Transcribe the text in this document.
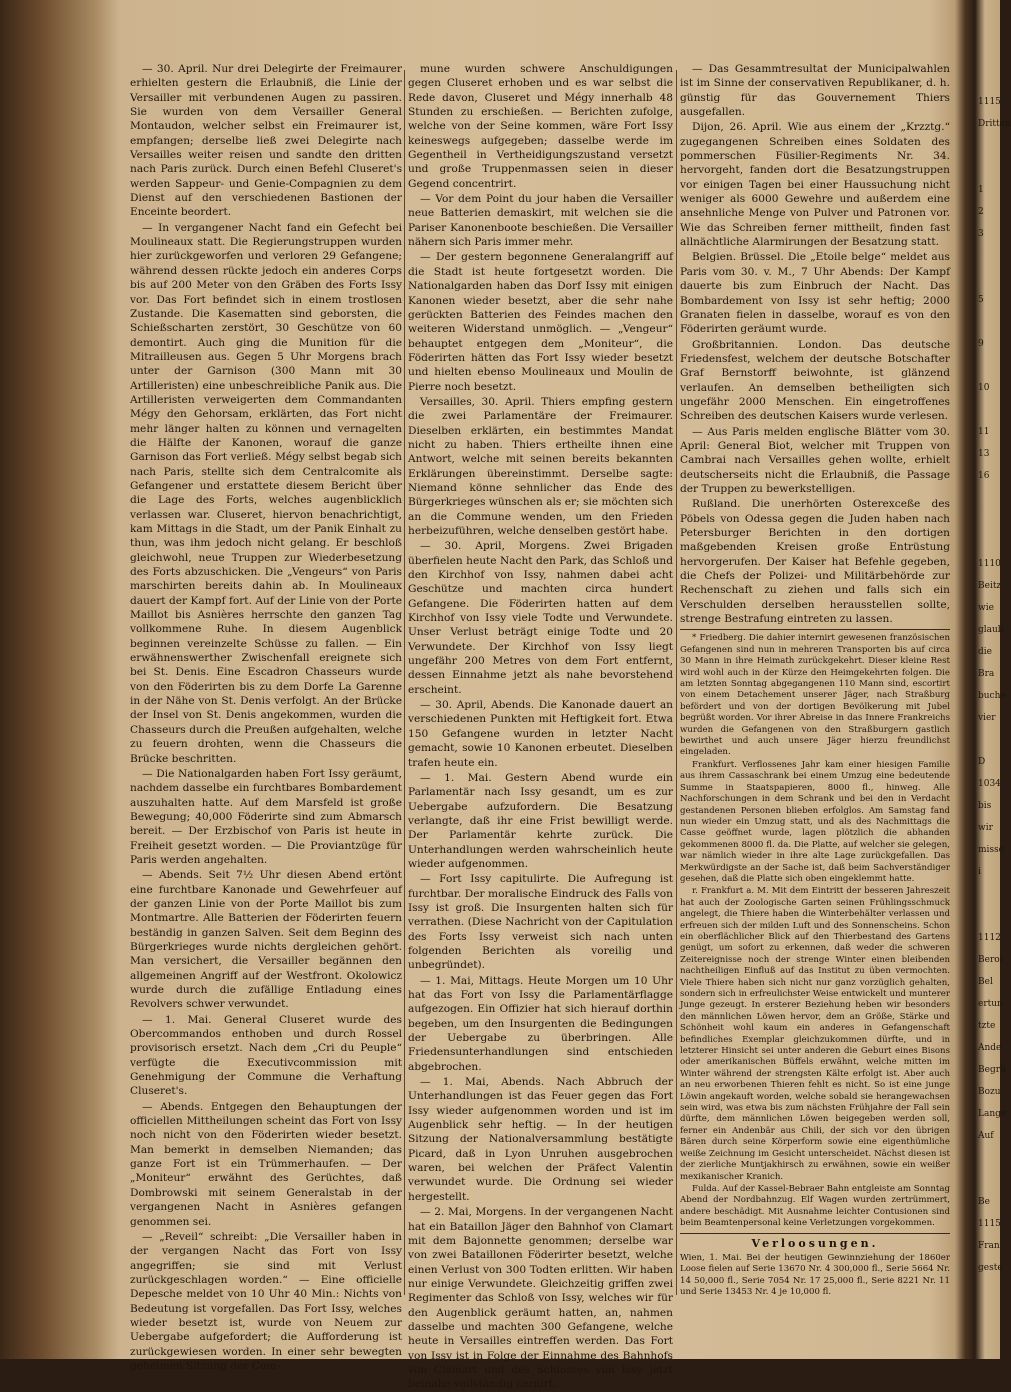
— 30. April. Nur drei Delegirte der Freimaurer erhielten gestern die Erlaubniß, die Linie der Versailler mit verbundenen Augen zu passiren. Sie wurden von dem Versailler General Montaudon, welcher selbst ein Freimaurer ist, empfangen; derselbe ließ zwei Delegirte nach Versailles weiter reisen und sandte den dritten nach Paris zurück. Durch einen Befehl Cluseret's werden Sappeur- und Genie-Compagnien zu dem Dienst auf den verschiedenen Bastionen der Enceinte beordert.

— In vergangener Nacht fand ein Gefecht bei Moulineaux statt. Die Regierungstruppen wurden hier zurückgeworfen und verloren 29 Gefangene; während dessen rückte jedoch ein anderes Corps bis auf 200 Meter von den Gräben des Forts Issy vor. Das Fort befindet sich in einem trostlosen Zustande. Die Kasematten sind geborsten, die Schießscharten zerstört, 30 Geschütze von 60 demontirt. Auch ging die Munition für die Mitrailleusen aus. Gegen 5 Uhr Morgens brach unter der Garnison (300 Mann mit 30 Artilleristen) eine unbeschreibliche Panik aus. Die Artilleristen verweigerten dem Commandanten Mégy den Gehorsam, erklärten, das Fort nicht mehr länger halten zu können und vernagelten die Hälfte der Kanonen, worauf die ganze Garnison das Fort verließ. Mégy selbst begab sich nach Paris, stellte sich dem Centralcomite als Gefangener und erstattete diesem Bericht über die Lage des Forts, welches augenblicklich verlassen war. Cluseret, hiervon benachrichtigt, kam Mittags in die Stadt, um der Panik Einhalt zu thun, was ihm jedoch nicht gelang. Er beschloß gleichwohl, neue Truppen zur Wiederbesetzung des Forts abzuschicken. Die „Vengeurs“ von Paris marschirten bereits dahin ab. In Moulineaux dauert der Kampf fort. Auf der Linie von der Porte Maillot bis Asnières herrschte den ganzen Tag vollkommene Ruhe. In diesem Augenblick beginnen vereinzelte Schüsse zu fallen. — Ein erwähnenswerther Zwischenfall ereignete sich bei St. Denis. Eine Escadron Chasseurs wurde von den Föderirten bis zu dem Dorfe La Garenne in der Nähe von St. Denis verfolgt. An der Brücke der Insel von St. Denis angekommen, wurden die Chasseurs durch die Preußen aufgehalten, welche zu feuern drohten, wenn die Chasseurs die Brücke beschritten.

— Die Nationalgarden haben Fort Issy geräumt, nachdem dasselbe ein furchtbares Bombardement auszuhalten hatte. Auf dem Marsfeld ist große Bewegung; 40,000 Föderirte sind zum Abmarsch bereit. — Der Erzbischof von Paris ist heute in Freiheit gesetzt worden. — Die Proviantzüge für Paris werden angehalten.

— Abends. Seit 7½ Uhr diesen Abend ertönt eine furchtbare Kanonade und Gewehrfeuer auf der ganzen Linie von der Porte Maillot bis zum Montmartre. Alle Batterien der Föderirten feuern beständig in ganzen Salven. Seit dem Beginn des Bürgerkrieges wurde nichts dergleichen gehört. Man versichert, die Versailler begännen den allgemeinen Angriff auf der Westfront. Okolowicz wurde durch die zufällige Entladung eines Revolvers schwer verwundet.

— 1. Mai. General Cluseret wurde des Obercommandos enthoben und durch Rossel provisorisch ersetzt. Nach dem „Cri du Peuple“ verfügte die Executivcommission mit Genehmigung der Commune die Verhaftung Cluseret's.

— Abends. Entgegen den Behauptungen der officiellen Mittheilungen scheint das Fort von Issy noch nicht von den Föderirten wieder besetzt. Man bemerkt in demselben Niemanden; das ganze Fort ist ein Trümmerhaufen. — Der „Moniteur“ erwähnt des Gerüchtes, daß Dombrowski mit seinem Generalstab in der vergangenen Nacht in Asnières gefangen genommen sei.

— „Reveil“ schreibt: „Die Versailler haben in der vergangen Nacht das Fort von Issy angegriffen; sie sind mit Verlust zurückgeschlagen worden.“ — Eine officielle Depesche meldet von 10 Uhr 40 Min.: Nichts von Bedeutung ist vorgefallen. Das Fort Issy, welches wieder besetzt ist, wurde von Neuem zur Uebergabe aufgefordert; die Aufforderung ist zurückgewiesen worden. In einer sehr bewegten geheimen Sitzung der Com-

mune wurden schwere Anschuldigungen gegen Cluseret erhoben und es war selbst die Rede davon, Cluseret und Mégy innerhalb 48 Stunden zu erschießen. — Berichten zufolge, welche von der Seine kommen, wäre Fort Issy keineswegs aufgegeben; dasselbe werde im Gegentheil in Vertheidigungszustand versetzt und große Truppenmassen seien in dieser Gegend concentrirt.

— Vor dem Point du jour haben die Versailler neue Batterien demaskirt, mit welchen sie die Pariser Kanonenboote beschießen. Die Versailler nähern sich Paris immer mehr.

— Der gestern begonnene Generalangriff auf die Stadt ist heute fortgesetzt worden. Die Nationalgarden haben das Dorf Issy mit einigen Kanonen wieder besetzt, aber die sehr nahe gerückten Batterien des Feindes machen den weiteren Widerstand unmöglich. — „Vengeur“ behauptet entgegen dem „Moniteur“, die Föderirten hätten das Fort Issy wieder besetzt und hielten ebenso Moulineaux und Moulin de Pierre noch besetzt.

Versailles, 30. April. Thiers empfing gestern die zwei Parlamentäre der Freimaurer. Dieselben erklärten, ein bestimmtes Mandat nicht zu haben. Thiers ertheilte ihnen eine Antwort, welche mit seinen bereits bekannten Erklärungen übereinstimmt. Derselbe sagte: Niemand könne sehnlicher das Ende des Bürgerkrieges wünschen als er; sie möchten sich an die Commune wenden, um den Frieden herbeizuführen, welche denselben gestört habe.

— 30. April, Morgens. Zwei Brigaden überfielen heute Nacht den Park, das Schloß und den Kirchhof von Issy, nahmen dabei acht Geschütze und machten circa hundert Gefangene. Die Föderirten hatten auf dem Kirchhof von Issy viele Todte und Verwundete. Unser Verlust beträgt einige Todte und 20 Verwundete. Der Kirchhof von Issy liegt ungefähr 200 Metres von dem Fort entfernt, dessen Einnahme jetzt als nahe bevorstehend erscheint.

— 30. April, Abends. Die Kanonade dauert an verschiedenen Punkten mit Heftigkeit fort. Etwa 150 Gefangene wurden in letzter Nacht gemacht, sowie 10 Kanonen erbeutet. Dieselben trafen heute ein.

— 1. Mai. Gestern Abend wurde ein Parlamentär nach Issy gesandt, um es zur Uebergabe aufzufordern. Die Besatzung verlangte, daß ihr eine Frist bewilligt werde. Der Parlamentär kehrte zurück. Die Unterhandlungen werden wahrscheinlich heute wieder aufgenommen.

— Fort Issy capitulirte. Die Aufregung ist furchtbar. Der moralische Eindruck des Falls von Issy ist groß. Die Insurgenten halten sich für verrathen. (Diese Nachricht von der Capitulation des Forts Issy verweist sich nach unten folgenden Berichten als voreilig und unbegründet).

— 1. Mai, Mittags. Heute Morgen um 10 Uhr hat das Fort von Issy die Parlamentärflagge aufgezogen. Ein Offizier hat sich hierauf dorthin begeben, um den Insurgenten die Bedingungen der Uebergabe zu überbringen. Alle Friedensunterhandlungen sind entschieden abgebrochen.

— 1. Mai, Abends. Nach Abbruch der Unterhandlungen ist das Feuer gegen das Fort Issy wieder aufgenommen worden und ist im Augenblick sehr heftig. — In der heutigen Sitzung der Nationalversammlung bestätigte Picard, daß in Lyon Unruhen ausgebrochen waren, bei welchen der Präfect Valentin verwundet wurde. Die Ordnung sei wieder hergestellt.

— 2. Mai, Morgens. In der vergangenen Nacht hat ein Bataillon Jäger den Bahnhof von Clamart mit dem Bajonnette genommen; derselbe war von zwei Bataillonen Föderirter besetzt, welche einen Verlust von 300 Todten erlitten. Wir haben nur einige Verwundete. Gleichzeitig griffen zwei Regimenter das Schloß von Issy, welches wir für den Augenblick geräumt hatten, an, nahmen dasselbe und machten 300 Gefangene, welche heute in Versailles eintreffen werden. Das Fort von Issy ist in Folge der Einnahme des Bahnhofs von Clamart und des Schlosses von Issy jetzt beinahe vollständig cernirt.

— Das Gesammtresultat der Municipalwahlen ist im Sinne der conservativen Republikaner, d. h. günstig für das Gouvernement Thiers ausgefallen.

Dijon, 26. April. Wie aus einem der „Krzztg.“ zugegangenen Schreiben eines Soldaten des pommerschen Füsilier-Regiments Nr. 34. hervorgeht, fanden dort die Besatzungstruppen vor einigen Tagen bei einer Haussuchung nicht weniger als 6000 Gewehre und außerdem eine ansehnliche Menge von Pulver und Patronen vor. Wie das Schreiben ferner mittheilt, finden fast allnächtliche Alarmirungen der Besatzung statt.

Belgien. Brüssel. Die „Etoile belge“ meldet aus Paris vom 30. v. M., 7 Uhr Abends: Der Kampf dauerte bis zum Einbruch der Nacht. Das Bombardement von Issy ist sehr heftig; 2000 Granaten fielen in dasselbe, worauf es von den Föderirten geräumt wurde.

Großbritannien. London. Das deutsche Friedensfest, welchem der deutsche Botschafter Graf Bernstorff beiwohnte, ist glänzend verlaufen. An demselben betheiligten sich ungefähr 2000 Menschen. Ein eingetroffenes Schreiben des deutschen Kaisers wurde verlesen.

— Aus Paris melden englische Blätter vom 30. April: General Biot, welcher mit Truppen von Cambrai nach Versailles gehen wollte, erhielt deutscherseits nicht die Erlaubniß, die Passage der Truppen zu bewerkstelligen.

Rußland. Die unerhörten Osterexceße des Pöbels von Odessa gegen die Juden haben nach Petersburger Berichten in den dortigen maßgebenden Kreisen große Entrüstung hervorgerufen. Der Kaiser hat Befehle gegeben, die Chefs der Polizei- und Militärbehörde zur Rechenschaft zu ziehen und falls sich ein Verschulden derselben herausstellen sollte, strenge Bestrafung eintreten zu lassen.

* Friedberg. Die dahier internirt gewesenen französischen Gefangenen sind nun in mehreren Transporten bis auf circa 30 Mann in ihre Heimath zurückgekehrt. Dieser kleine Rest wird wohl auch in der Kürze den Heimgekehrten folgen. Die am letzten Sonntag abgegangenen 110 Mann sind, escortirt von einem Detachement unserer Jäger, nach Straßburg befördert und von der dortigen Bevölkerung mit Jubel begrüßt worden. Vor ihrer Abreise in das Innere Frankreichs wurden die Gefangenen von den Straßburgern gastlich bewirthet und auch unsere Jäger hierzu freundlichst eingeladen.

Frankfurt. Verflossenes Jahr kam einer hiesigen Familie aus ihrem Cassaschrank bei einem Umzug eine bedeutende Summe in Staatspapieren, 8000 fl., hinweg. Alle Nachforschungen in dem Schrank und bei den in Verdacht gestandenen Personen blieben erfolglos. Am Samstag fand nun wieder ein Umzug statt, und als des Nachmittags die Casse geöffnet wurde, lagen plötzlich die abhanden gekommenen 8000 fl. da. Die Platte, auf welcher sie gelegen, war nämlich wieder in ihre alte Lage zurückgefallen. Das Merkwürdigste an der Sache ist, daß beim Sachverständiger gesehen, daß die Platte sich oben eingeklemmt hatte.

r. Frankfurt a. M. Mit dem Eintritt der besseren Jahreszeit hat auch der Zoologische Garten seinen Frühlingsschmuck angelegt, die Thiere haben die Winterbehälter verlassen und erfreuen sich der milden Luft und des Sonnenscheins. Schon ein oberflächlicher Blick auf den Thierbestand des Gartens genügt, um sofort zu erkennen, daß weder die schweren Zeitereignisse noch der strenge Winter einen bleibenden nachtheiligen Einfluß auf das Institut zu üben vermochten. Viele Thiere haben sich nicht nur ganz vorzüglich gehalten, sondern sich in erfreulichster Weise entwickelt und munterer Junge gezeugt. In ersterer Beziehung heben wir besonders den männlichen Löwen hervor, dem an Größe, Stärke und Schönheit wohl kaum ein anderes in Gefangenschaft befindliches Exemplar gleichzukommen dürfte, und in letzterer Hinsicht sei unter anderen die Geburt eines Bisons oder amerikanischen Büffels erwähnt, welche mitten im Winter während der strengsten Kälte erfolgt ist. Aber auch an neu erworbenen Thieren fehlt es nicht. So ist eine junge Löwin angekauft worden, welche sobald sie herangewachsen sein wird, was etwa bis zum nächsten Frühjahre der Fall sein dürfte, dem männlichen Löwen beigegeben werden soll, ferner ein Andenbär aus Chili, der sich vor den übrigen Bären durch seine Körperform sowie eine eigenthümliche weiße Zeichnung im Gesicht unterscheidet. Nächst diesen ist der zierliche Muntjakhirsch zu erwähnen, sowie ein weißer mexikanischer Kranich.

Fulda. Auf der Kassel-Bebraer Bahn entgleiste am Sonntag Abend der Nordbahnzug. Elf Wagen wurden zertrümmert, andere beschädigt. Mit Ausnahme leichter Contusionen sind beim Beamtenpersonal keine Verletzungen vorgekommen.

Verloosungen.
Wien, 1. Mai. Bei der heutigen Gewinnziehung der 1860er Loose fielen auf Serie 13670 Nr. 4 300,000 fl., Serie 5664 Nr. 14 50,000 fl., Serie 7054 Nr. 17 25,000 fl., Serie 8221 Nr. 11 und Serie 13453 Nr. 4 je 10,000 fl.
1115
Dritten
1
2
3
5
9
10
11
13
16
1110
Beitz
wie
glaub
die
Bra
buche
vier
D
1034
bis
wir
misse
i
1112
Berol
Bel
ertun
tzte
Ande
Begrü
Bozu
Lange
Auf
Be
1115
Fran
geste
